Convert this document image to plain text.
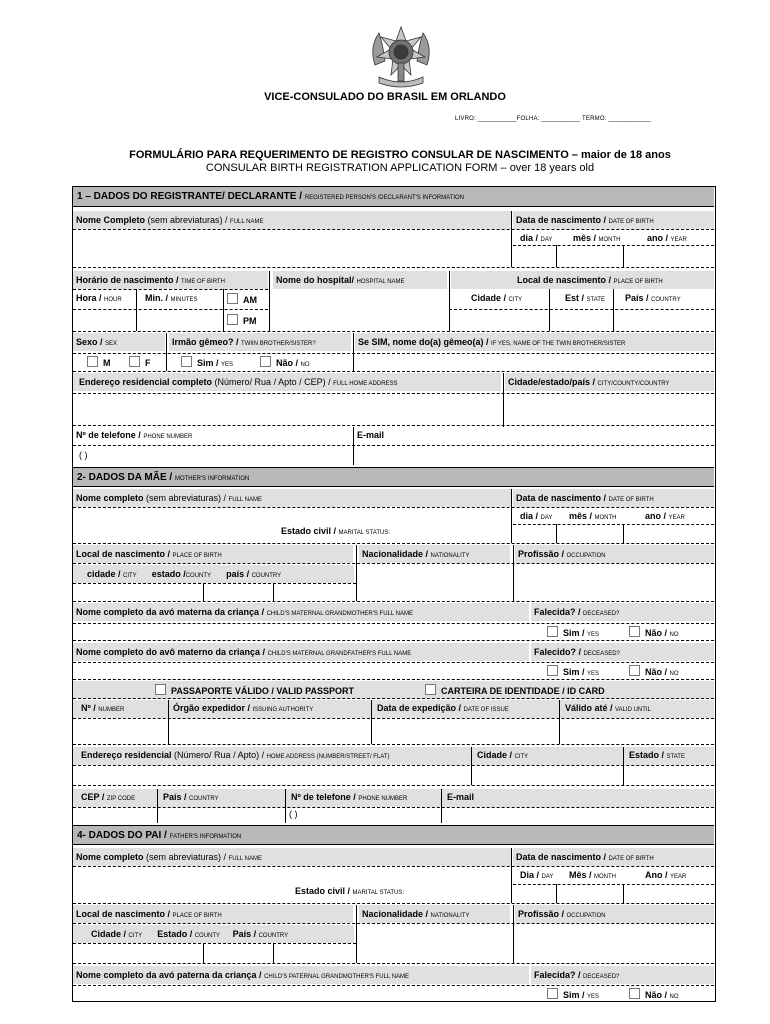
VICE-CONSULADO DO BRASIL EM ORLANDO
LIVRO: ___________FOLHA: ___________ TERMO: ____________
FORMULÁRIO PARA REQUERIMENTO DE REGISTRO CONSULAR DE NASCIMENTO – maior de 18 anos
CONSULAR BIRTH REGISTRATION APPLICATION FORM – over 18 years old
1 – DADOS DO REGISTRANTE/ DECLARANTE / REGISTERED PERSON'S /DECLARANT'S INFORMATION
Nome Completo (sem abreviaturas) / FULL NAME	Data de nascimento / DATE OF BIRTH
dia / DAY mês / MONTH	ano / YEAR
Horário de nascimento / TIME OF BIRTH	Nome do hospital/ HOSPITAL NAME	Local de nascimento / PLACE OF BIRTH
Hora / HOUR	Min. / MINUTES	AM
PM
Cidade / CITY	Est / STATE País / COUNTRY
Sexo / SEX	Irmão gêmeo? / TWIIN BROTHER/SISTER?	Se SIM, nome do(a) gêmeo(a) / IF YES, NAME OF THE TWIN BROTHER/SISTER
M	F	Sim / YES	Não / NO
Endereço residencial completo (Número/ Rua / Apto / CEP) / FULL HOME ADDRESS	Cidade/estado/país / CITY/COUNTY/COUNTRY
Nº de telefone / PHONE NUMBER	E-mail
( )
2- DADOS DA MÃE / MOTHER'S INFORMATION
Nome completo (sem abreviaturas) / FULL NAME	Data de nascimento / DATE OF BIRTH
dia / DAY mês / MONTH	ano / YEAR
Estado civil / MARITAL STATUS:
Local de nascimento / PLACE OF BIRTH	Nacionalidade / NATIONALITY	Profissão / OCCUPATION
cidade / CITY estado /COUNTY país / COUNTRY
Nome completo da avó materna da criança / CHILD'S MATERNAL GRANDMOTHER'S FULL NAME	Falecida? / DECEASED?
Sim / YES	Não / NO
Nome completo do avô materno da criança / CHILD'S MATERNAL GRANDFATHER'S FULL NAME	Falecido? / DECEASED?
Sim / YES	Não / NO
PASSAPORTE VÁLIDO / VALID PASSPORT	CARTEIRA DE IDENTIDADE / ID CARD
Nº / NUMBER	Órgão expedidor / ISSUING AUTHORITY	Data de expedição / DATE OF ISSUE	Válido até / VALID UNTIL
Endereço residencial (Número/ Rua / Apto) / HOME ADDRESS (NUMBER/STREET/ FLAT)	Cidade / CITY	Estado / STATE
CEP / ZIP CODE	País / COUNTRY	Nº de telefone / PHONE NUMBER	E-mail
( )
4- DADOS DO PAI / FATHER'S INFORMATION
Nome completo (sem abreviaturas) / FULL NAME	Data de nascimento / DATE OF BIRTH
Dia / DAY Mês / MONTH	Ano / YEAR
Estado civil / MARITAL STATUS:
Local de nascimento / PLACE OF BIRTH	Nacionalidade / NATIONALITY	Profissão / OCCUPATION
Cidade / CITY Estado / COUNTY País / COUNTRY
Nome completo da avó paterna da criança / CHILD'S PATERNAL GRANDMOTHER'S FULL NAME	Falecida? / DECEASED?
Sim / YES	Não / NO
